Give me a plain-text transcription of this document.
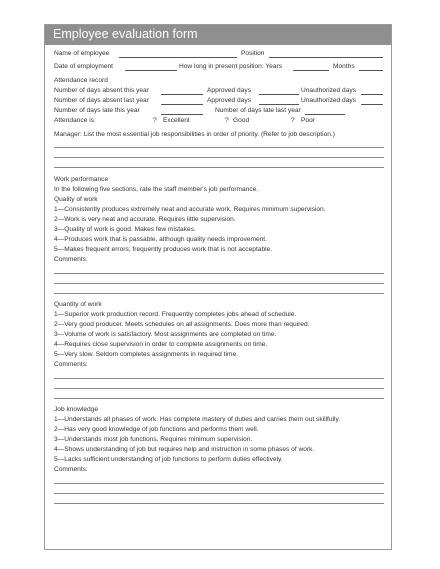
Employee evaluation form
Name of employee	Position
Date of employment	How long in present position: Years	Months
Attendance record
Number of days absent this year	Approved days	Unauthorized days
Number of days absent last year	Approved days	Unauthorized days
Number of days late this year	Number of days late last year
Attendance is:	? Excellent	? Good	? Poor
Manager: List the most essential job responsibilities in order of priority. (Refer to job description.)
Work performance
In the following five sections, rate the staff member's job performance.
Quality of work
1—Consistently produces extremely neat and accurate work. Requires minimum supervision.
2—Work is very neat and accurate. Requires little supervision.
3—Quality of work is good. Makes few mistakes.
4—Produces work that is passable, although quality needs improvement.
5—Makes frequent errors; frequently produces work that is not acceptable.
Comments:
Quantity of work
1—Superior work production record. Frequently completes jobs ahead of schedule.
2—Very good producer. Meets schedules on all assignments. Does more than required.
3—Volume of work is satisfactory. Most assignments are completed on time.
4—Requires close supervision in order to complete assignments on time.
5—Very slow. Seldom completes assignments in required time.
Comments:
Job knowledge
1—Understands all phases of work. Has complete mastery of duties and carries them out skillfully.
2—Has very good knowledge of job functions and performs them well.
3—Understands most job functions. Requires minimum supervision.
4—Shows understanding of job but requires help and instruction in some phases of work.
5—Lacks sufficient understanding of job functions to perform duties effectively.
Comments:
